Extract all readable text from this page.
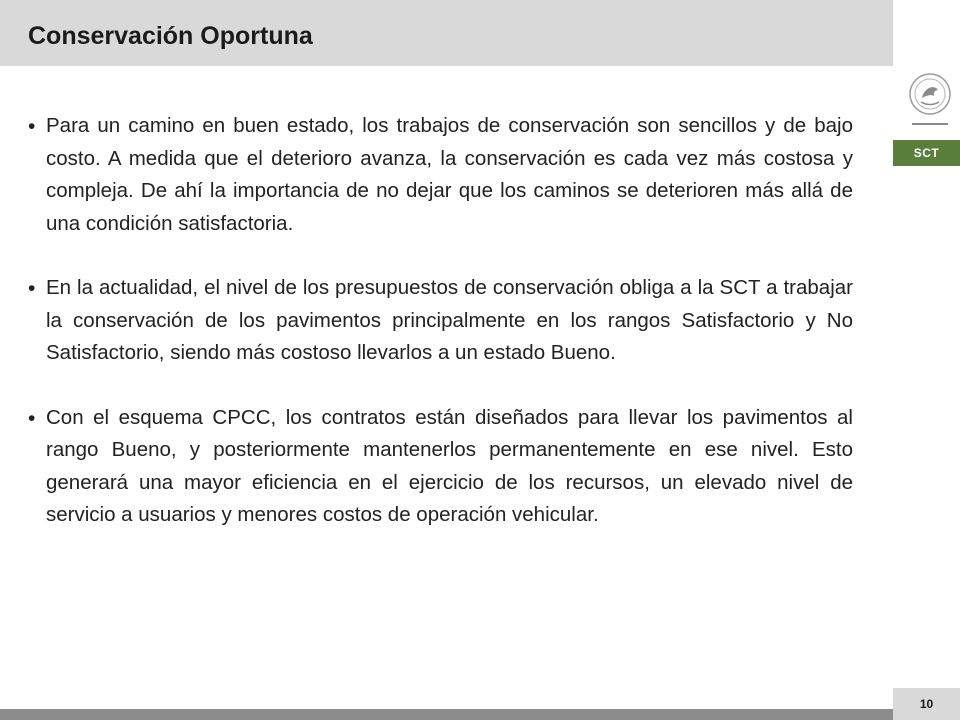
Conservación Oportuna
SCT
• Para un camino en buen estado, los trabajos de conservación son sencillos y de bajo costo. A medida que el deterioro avanza, la conservación es cada vez más costosa y compleja. De ahí la importancia de no dejar que los caminos se deterioren más allá de una condición satisfactoria.
• En la actualidad, el nivel de los presupuestos de conservación obliga a la SCT a trabajar la conservación de los pavimentos principalmente en los rangos Satisfactorio y No Satisfactorio, siendo más costoso llevarlos a un estado Bueno.
• Con el esquema CPCC, los contratos están diseñados para llevar los pavimentos al rango Bueno, y posteriormente mantenerlos permanentemente en ese nivel. Esto generará una mayor eficiencia en el ejercicio de los recursos, un elevado nivel de servicio a usuarios y menores costos de operación vehicular.
10
